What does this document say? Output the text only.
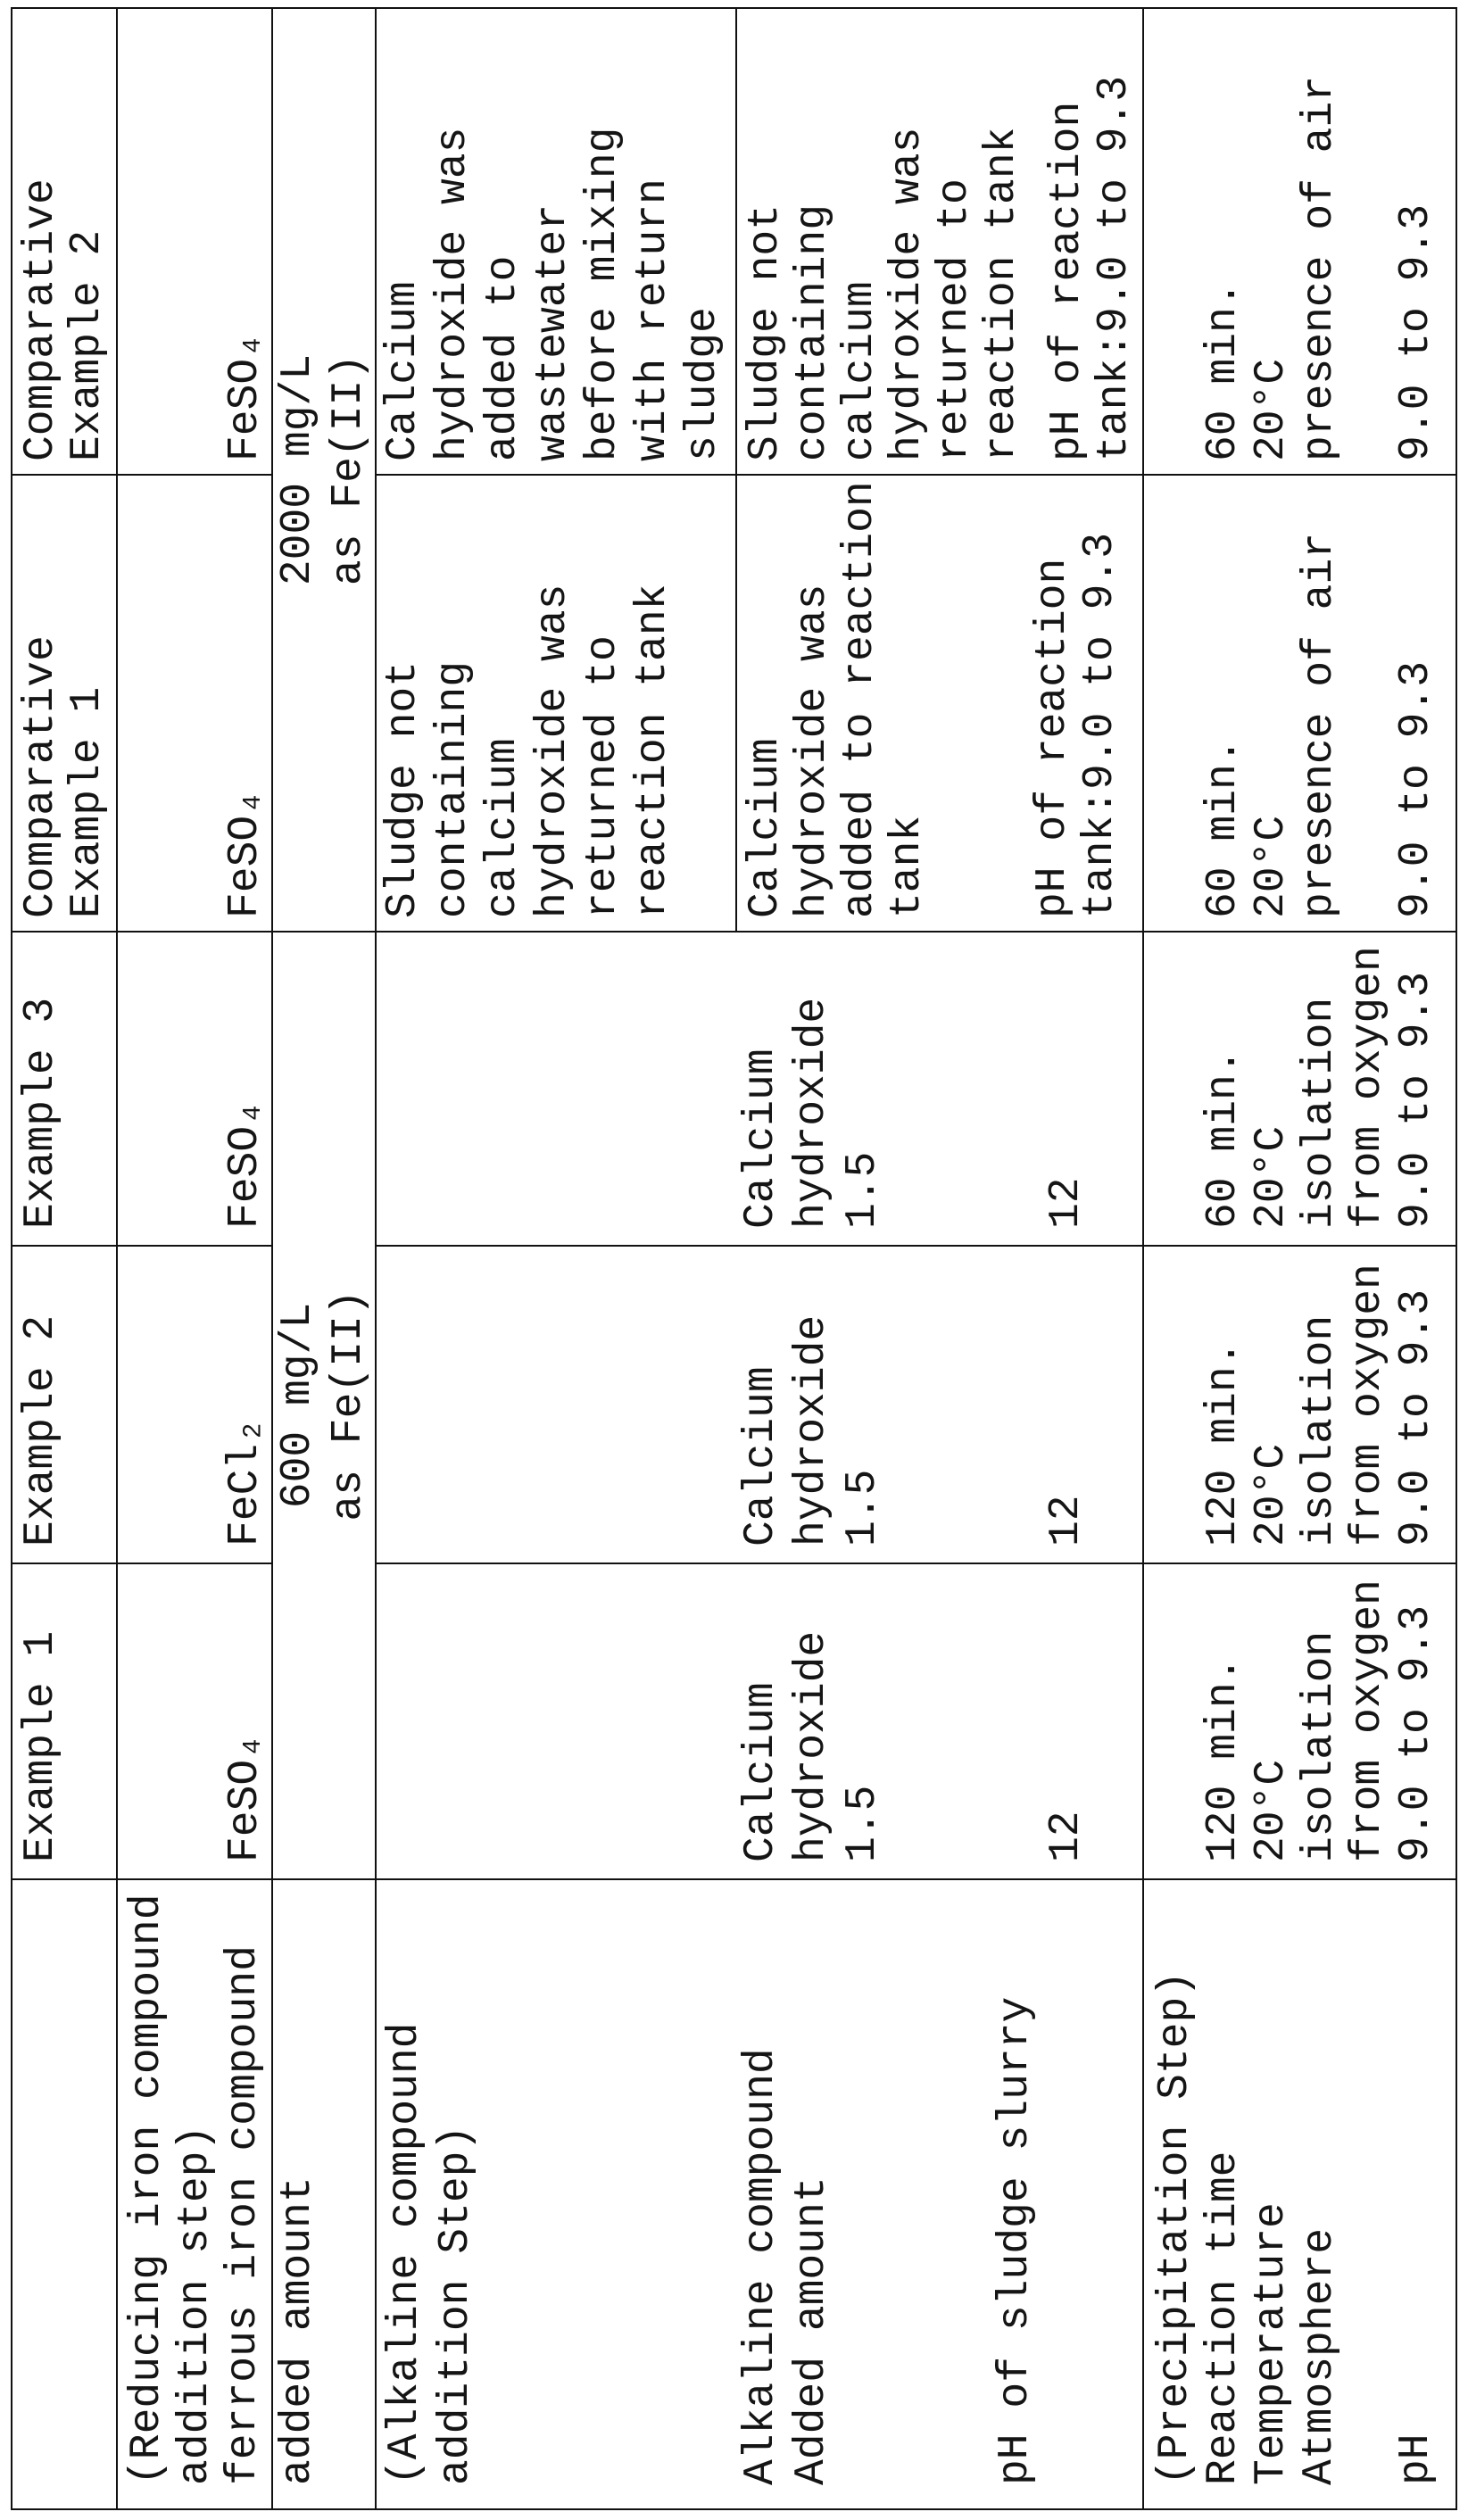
Example 1
Example 2
Example 3
Comparative
Example 1
Comparative
Example 2
(Reducing iron compound
addition step) ferrous iron compound
FeSO₄
FeCl₂
FeSO₄
FeSO₄
FeSO₄
added amount
600 mg/L
as Fe(II)
2000 mg/L
as Fe(II)
(Alkaline compound
addition Step)	Alkaline compound Added amount	pH of sludge slurry
Calcium
hydroxide 1.5	12
Calcium
hydroxide 1.5	12
Calcium
hydroxide 1.5	12
Sludge not
containing
calcium
hydroxide was
returned to
reaction tank
Calcium
hydroxide was
added to
wastewater
before mixing
with return
sludge
Calcium
hydroxide was
added to reaction
tank pH of reaction
tank:9.0 to 9.3
Sludge not
containing
calcium
hydroxide was
returned to
reaction tank
pH of reaction
tank:9.0 to 9.3
(Precipitation Step) Reaction time Temperature Atmosphere pH
120 min. 20°C isolation
from oxygen 9.0 to 9.3
120 min. 20°C isolation
from oxygen 9.0 to 9.3
60 min. 20°C isolation
from oxygen 9.0 to 9.3
60 min. 20°C presence of air 9.0 to 9.3
60 min. 20°C presence of air 9.0 to 9.3
